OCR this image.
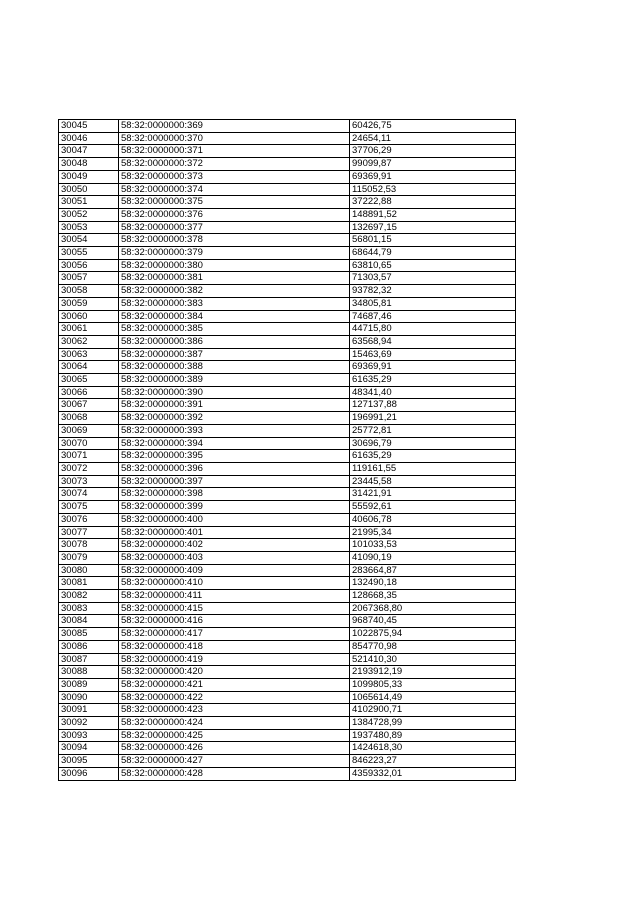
30045	58:32:0000000:369	60426,75
30046	58:32:0000000:370	24654,11
30047	58:32:0000000:371	37706,29
30048	58:32:0000000:372	99099,87
30049	58:32:0000000:373	69369,91
30050	58:32:0000000:374	115052,53
30051	58:32:0000000:375	37222,88
30052	58:32:0000000:376	148891,52
30053	58:32:0000000:377	132697,15
30054	58:32:0000000:378	56801,15
30055	58:32:0000000:379	68644,79
30056	58:32:0000000:380	63810,65
30057	58:32:0000000:381	71303,57
30058	58:32:0000000:382	93782,32
30059	58:32:0000000:383	34805,81
30060	58:32:0000000:384	74687,46
30061	58:32:0000000:385	44715,80
30062	58:32:0000000:386	63568,94
30063	58:32:0000000:387	15463,69
30064	58:32:0000000:388	69369,91
30065	58:32:0000000:389	61635,29
30066	58:32:0000000:390	48341,40
30067	58:32:0000000:391	127137,88
30068	58:32:0000000:392	196991,21
30069	58:32:0000000:393	25772,81
30070	58:32:0000000:394	30696,79
30071	58:32:0000000:395	61635,29
30072	58:32:0000000:396	119161,55
30073	58:32:0000000:397	23445,58
30074	58:32:0000000:398	31421,91
30075	58:32:0000000:399	55592,61
30076	58:32:0000000:400	40606,78
30077	58:32:0000000:401	21995,34
30078	58:32:0000000:402	101033,53
30079	58:32:0000000:403	41090,19
30080	58:32:0000000:409	283664,87
30081	58:32:0000000:410	132490,18
30082	58:32:0000000:411	128668,35
30083	58:32:0000000:415	2067368,80
30084	58:32:0000000:416	968740,45
30085	58:32:0000000:417	1022875,94
30086	58:32:0000000:418	854770,98
30087	58:32:0000000:419	521410,30
30088	58:32:0000000:420	2193912,19
30089	58:32:0000000:421	1099805,33
30090	58:32:0000000:422	1065614,49
30091	58:32:0000000:423	4102900,71
30092	58:32:0000000:424	1384728,99
30093	58:32:0000000:425	1937480,89
30094	58:32:0000000:426	1424618,30
30095	58:32:0000000:427	846223,27
30096	58:32:0000000:428	4359332,01
